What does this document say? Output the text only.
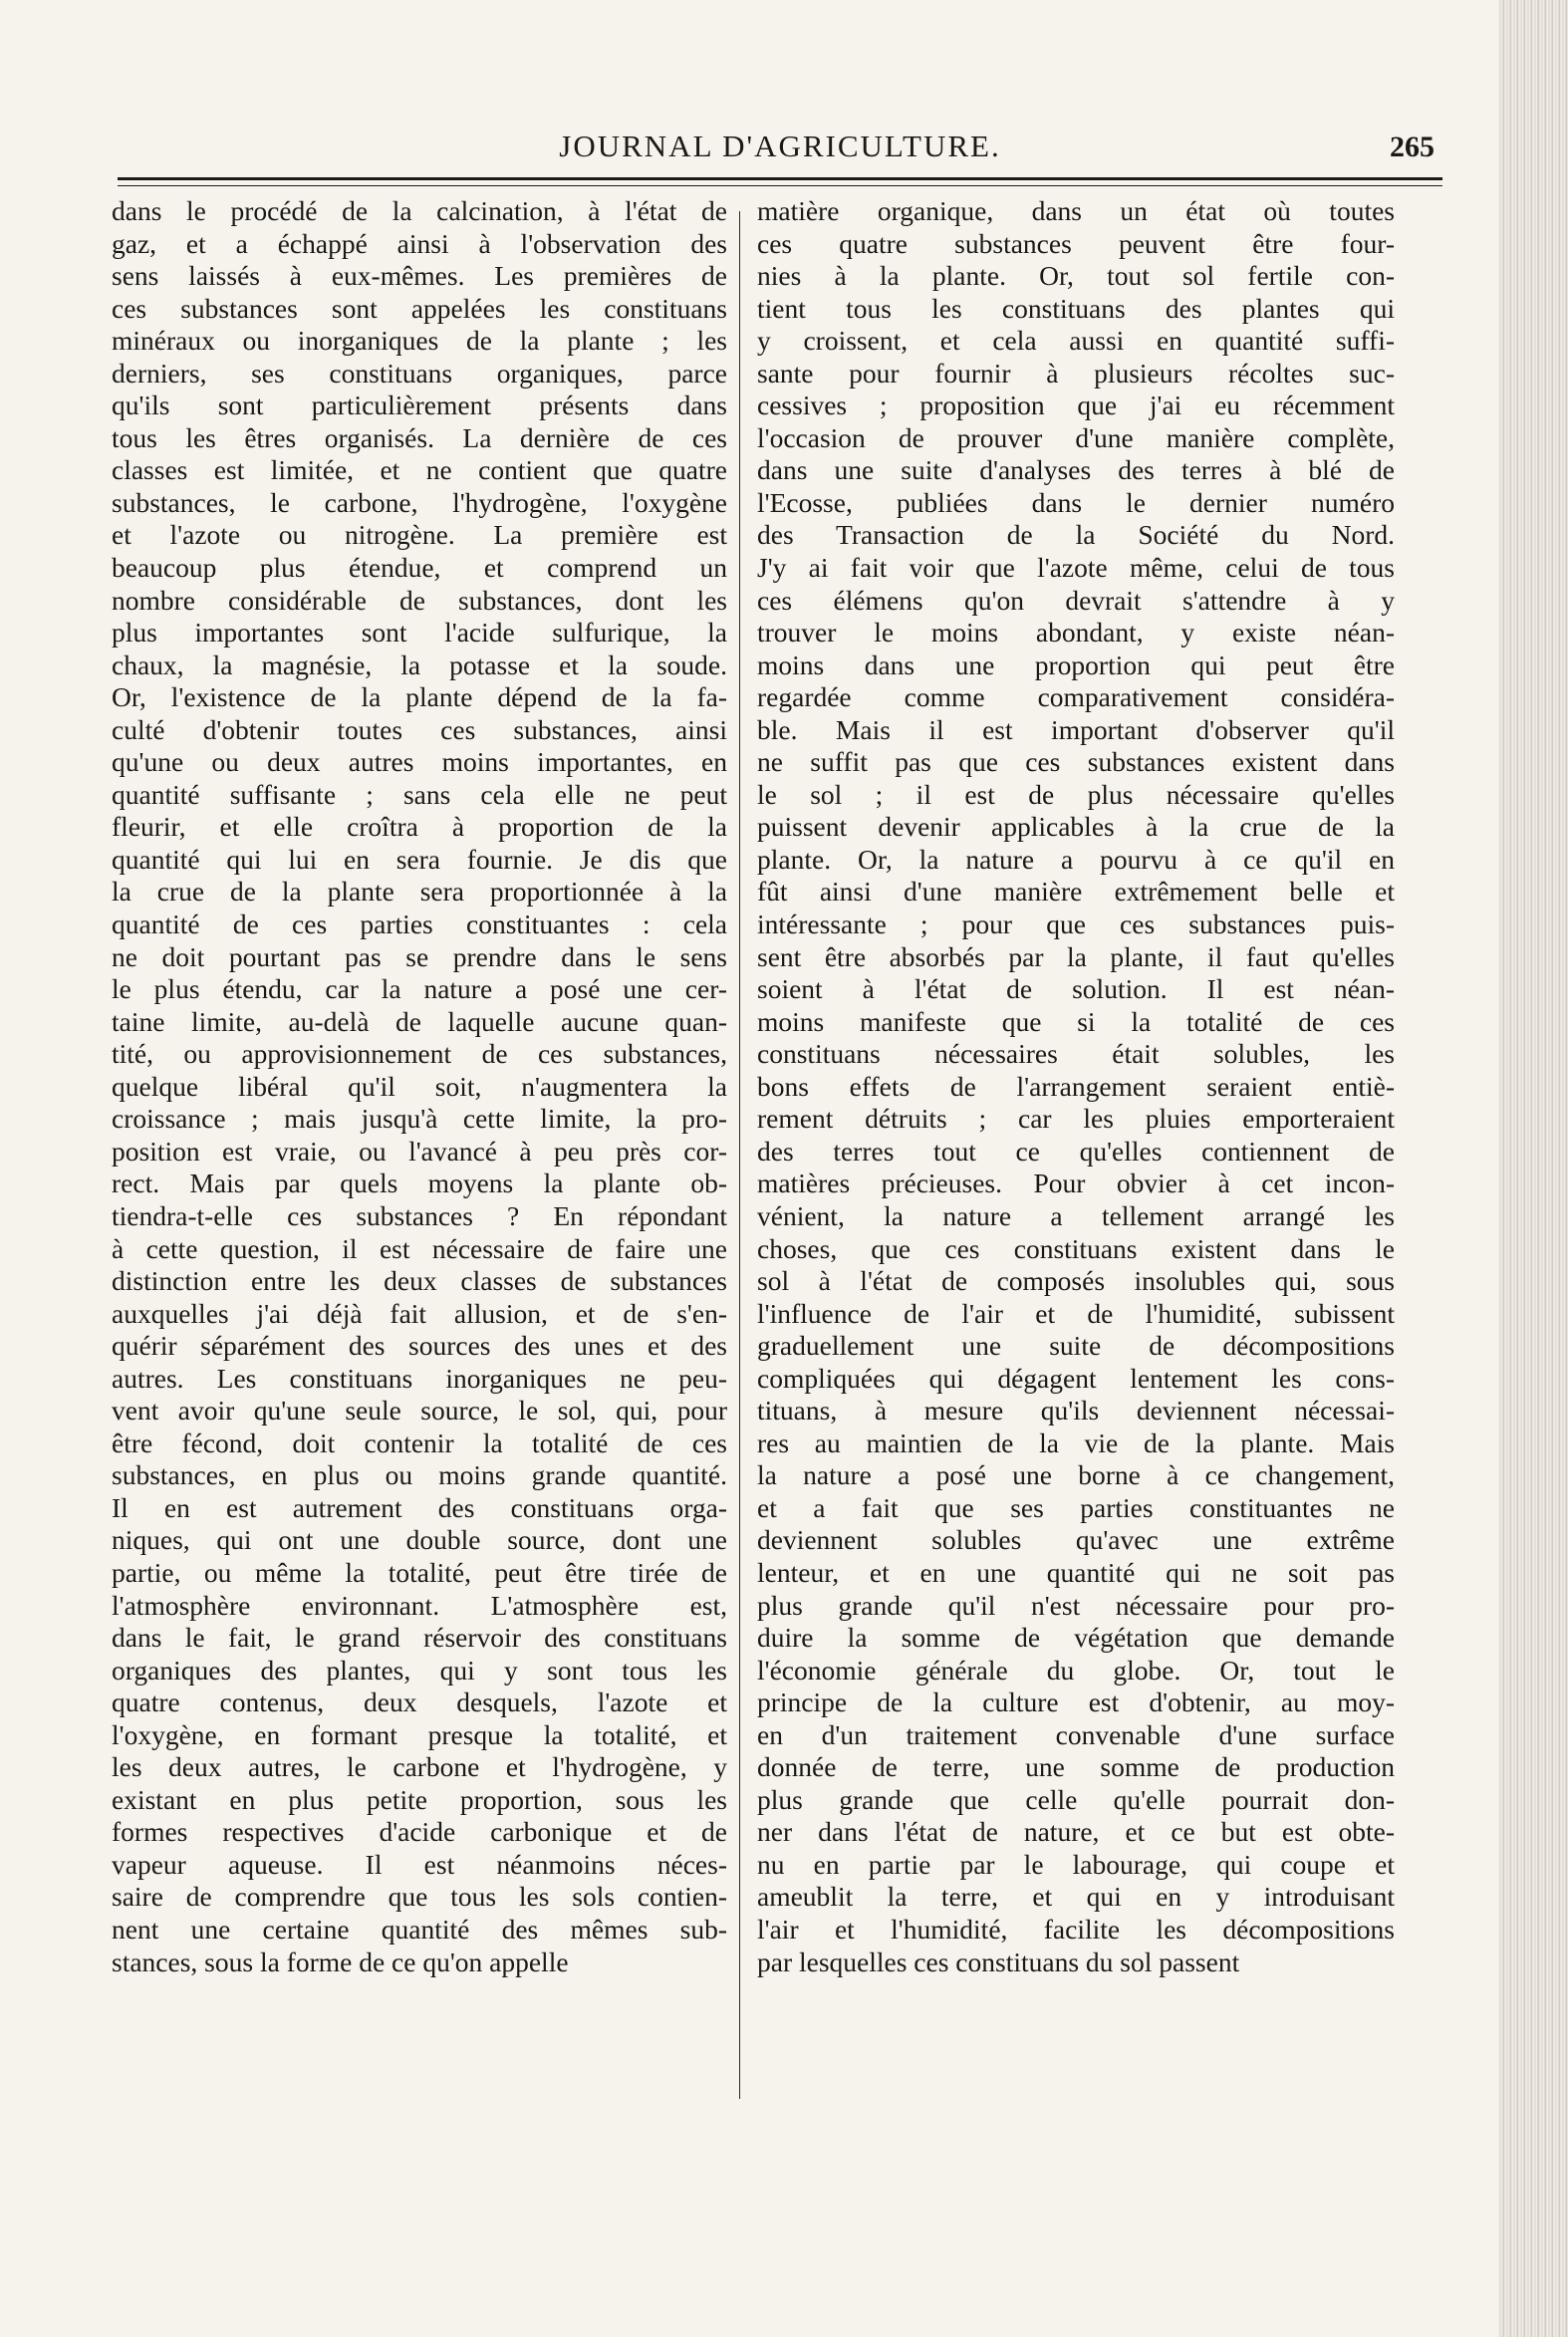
JOURNAL D'AGRICULTURE.	265
dans le procédé de la calcination, à l'état de
gaz, et a échappé ainsi à l'observation des
sens laissés à eux-mêmes. Les premières de
ces substances sont appelées les constituans
minéraux ou inorganiques de la plante ; les
derniers, ses constituans organiques, parce
qu'ils sont particulièrement présents dans
tous les êtres organisés. La dernière de ces
classes est limitée, et ne contient que quatre
substances, le carbone, l'hydrogène, l'oxygène
et l'azote ou nitrogène. La première est
beaucoup plus étendue, et comprend un
nombre considérable de substances, dont les
plus importantes sont l'acide sulfurique, la
chaux, la magnésie, la potasse et la soude.
Or, l'existence de la plante dépend de la fa-
culté d'obtenir toutes ces substances, ainsi
qu'une ou deux autres moins importantes, en
quantité suffisante ; sans cela elle ne peut
fleurir, et elle croîtra à proportion de la
quantité qui lui en sera fournie. Je dis que
la crue de la plante sera proportionnée à la
quantité de ces parties constituantes : cela
ne doit pourtant pas se prendre dans le sens
le plus étendu, car la nature a posé une cer-
taine limite, au-delà de laquelle aucune quan-
tité, ou approvisionnement de ces substances,
quelque libéral qu'il soit, n'augmentera la
croissance ; mais jusqu'à cette limite, la pro-
position est vraie, ou l'avancé à peu près cor-
rect. Mais par quels moyens la plante ob-
tiendra-t-elle ces substances ? En répondant
à cette question, il est nécessaire de faire une
distinction entre les deux classes de substances
auxquelles j'ai déjà fait allusion, et de s'en-
quérir séparément des sources des unes et des
autres. Les constituans inorganiques ne peu-
vent avoir qu'une seule source, le sol, qui, pour
être fécond, doit contenir la totalité de ces
substances, en plus ou moins grande quantité.
Il en est autrement des constituans orga-
niques, qui ont une double source, dont une
partie, ou même la totalité, peut être tirée de
l'atmosphère environnant. L'atmosphère est,
dans le fait, le grand réservoir des constituans
organiques des plantes, qui y sont tous les
quatre contenus, deux desquels, l'azote et
l'oxygène, en formant presque la totalité, et
les deux autres, le carbone et l'hydrogène, y
existant en plus petite proportion, sous les
formes respectives d'acide carbonique et de
vapeur aqueuse. Il est néanmoins néces-
saire de comprendre que tous les sols contien-
nent une certaine quantité des mêmes sub-
stances, sous la forme de ce qu'on appelle
matière organique, dans un état où toutes
ces quatre substances peuvent être four-
nies à la plante. Or, tout sol fertile con-
tient tous les constituans des plantes qui
y croissent, et cela aussi en quantité suffi-
sante pour fournir à plusieurs récoltes suc-
cessives ; proposition que j'ai eu récemment
l'occasion de prouver d'une manière complète,
dans une suite d'analyses des terres à blé de
l'Ecosse, publiées dans le dernier numéro
des Transaction de la Société du Nord.
J'y ai fait voir que l'azote même, celui de tous
ces élémens qu'on devrait s'attendre à y
trouver le moins abondant, y existe néan-
moins dans une proportion qui peut être
regardée comme comparativement considéra-
ble. Mais il est important d'observer qu'il
ne suffit pas que ces substances existent dans
le sol ; il est de plus nécessaire qu'elles
puissent devenir applicables à la crue de la
plante. Or, la nature a pourvu à ce qu'il en
fût ainsi d'une manière extrêmement belle et
intéressante ; pour que ces substances puis-
sent être absorbés par la plante, il faut qu'elles
soient à l'état de solution. Il est néan-
moins manifeste que si la totalité de ces
constituans nécessaires était solubles, les
bons effets de l'arrangement seraient entiè-
rement détruits ; car les pluies emporteraient
des terres tout ce qu'elles contiennent de
matières précieuses. Pour obvier à cet incon-
vénient, la nature a tellement arrangé les
choses, que ces constituans existent dans le
sol à l'état de composés insolubles qui, sous
l'influence de l'air et de l'humidité, subissent
graduellement une suite de décompositions
compliquées qui dégagent lentement les cons-
tituans, à mesure qu'ils deviennent nécessai-
res au maintien de la vie de la plante. Mais
la nature a posé une borne à ce changement,
et a fait que ses parties constituantes ne
deviennent solubles qu'avec une extrême
lenteur, et en une quantité qui ne soit pas
plus grande qu'il n'est nécessaire pour pro-
duire la somme de végétation que demande
l'économie générale du globe. Or, tout le
principe de la culture est d'obtenir, au moy-
en d'un traitement convenable d'une surface
donnée de terre, une somme de production
plus grande que celle qu'elle pourrait don-
ner dans l'état de nature, et ce but est obte-
nu en partie par le labourage, qui coupe et
ameublit la terre, et qui en y introduisant
l'air et l'humidité, facilite les décompositions
par lesquelles ces constituans du sol passent
